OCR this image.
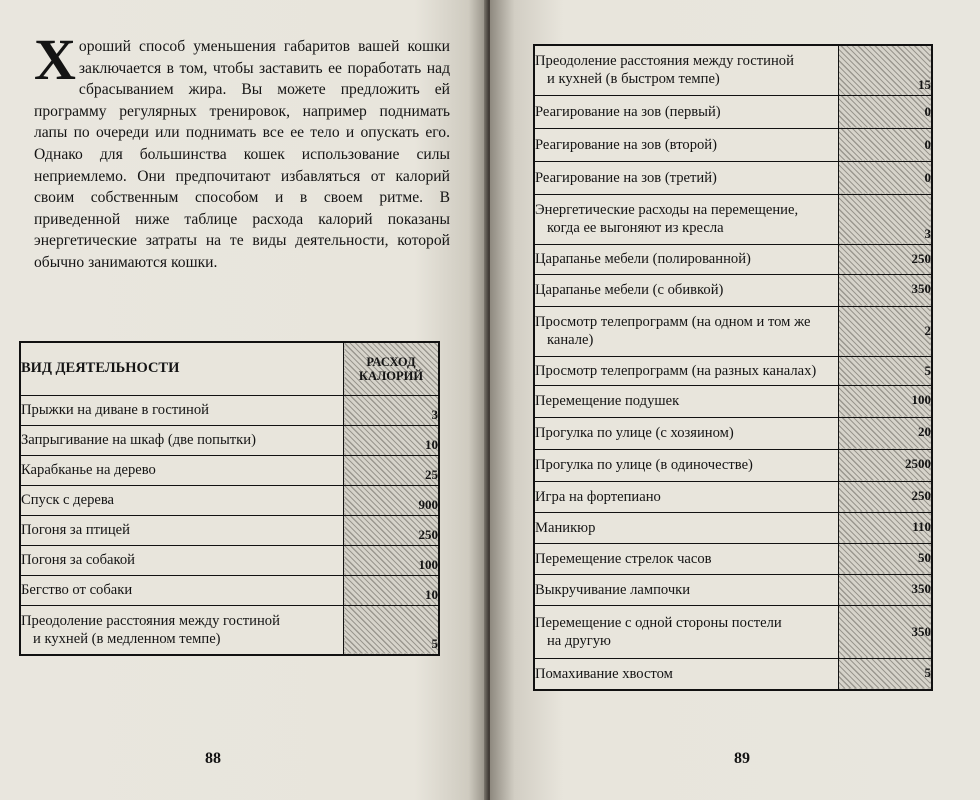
Хороший способ уменьшения габаритов вашей кошки заключается в том, чтобы заставить ее поработать над сбрасыванием жира. Вы можете предложить ей программу регулярных тренировок, например поднимать лапы по очереди или поднимать все ее тело и опускать его. Однако для большинства кошек использование силы неприемлемо. Они предпочитают избавляться от калорий своим собственным способом и в своем ритме. В приведенной ниже таблице расхода калорий показаны энергетические затраты на те виды деятельности, которой обычно занимаются кошки.
ВИД ДЕЯТЕЛЬНОСТИ	РАСХОД КАЛОРИЙ
Прыжки на диване в гостиной	3
Запрыгивание на шкаф (две попытки)	10
Карабканье на дерево	25
Спуск с дерева	900
Погоня за птицей	250
Погоня за собакой	100
Бегство от собаки	10
Преодоление расстояния между гостиной
и кухней (в медленном темпе)	5
88
Преодоление расстояния между гостиной
и кухней (в быстром темпе)	15
Реагирование на зов (первый)	0
Реагирование на зов (второй)	0
Реагирование на зов (третий)	0
Энергетические расходы на перемещение,
когда ее выгоняют из кресла	3
Царапанье мебели (полированной)	250
Царапанье мебели (с обивкой)	350
Просмотр телепрограмм (на одном и том же
канале)	2
Просмотр телепрограмм (на разных каналах)	5
Перемещение подушек	100
Прогулка по улице (с хозяином)	20
Прогулка по улице (в одиночестве)	2500
Игра на фортепиано	250
Маникюр	110
Перемещение стрелок часов	50
Выкручивание лампочки	350
Перемещение с одной стороны постели
на другую	350
Помахивание хвостом	5
89
